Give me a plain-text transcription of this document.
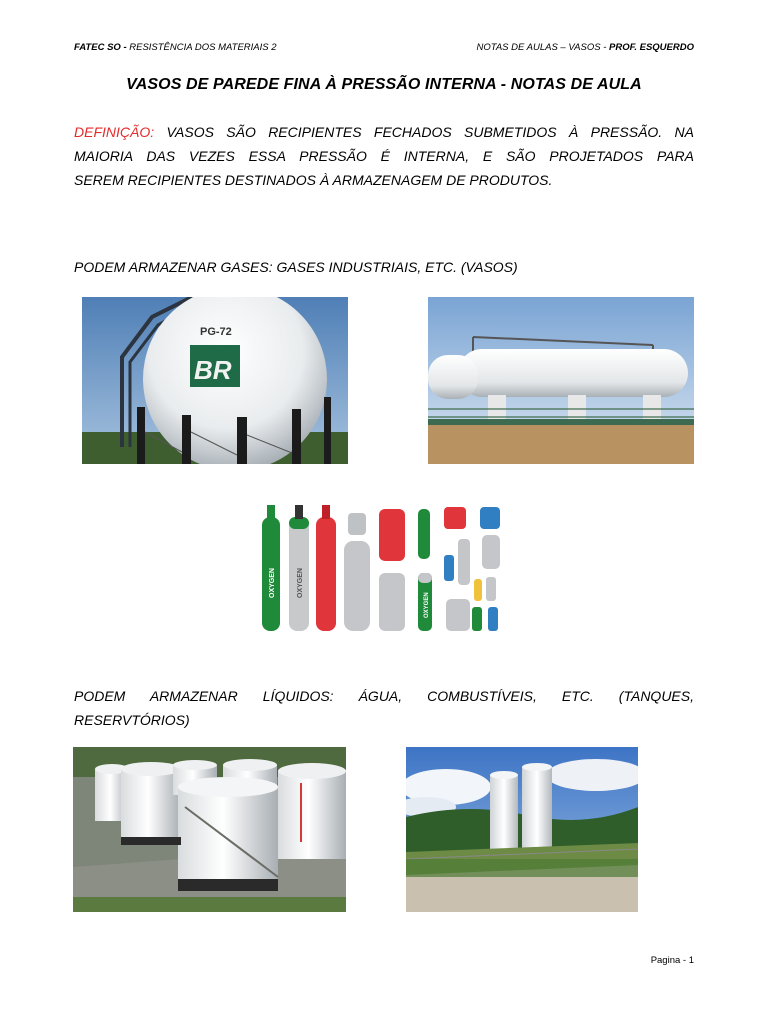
FATEC SO - RESISTÊNCIA DOS MATERIAIS 2	NOTAS DE AULAS – VASOS - PROF. ESQUERDO
VASOS DE PAREDE FINA À PRESSÃO INTERNA - NOTAS DE AULA
DEFINIÇÃO: VASOS SÃO RECIPIENTES FECHADOS SUBMETIDOS À PRESSÃO. NA
MAIORIA DAS VEZES ESSA PRESSÃO É INTERNA, E SÃO PROJETADOS PARA
SEREM RECIPIENTES DESTINADOS À ARMAZENAGEM DE PRODUTOS.
PODEM ARMAZENAR GASES: GASES INDUSTRIAIS, ETC. (VASOS)
PG-72
BR
OXYGEN	OXYGEN
OXYGEN
PODEM ARMAZENAR LÍQUIDOS: ÁGUA, COMBUSTÍVEIS, ETC. (TANQUES,
RESERVTÓRIOS)
Pagina - 1
